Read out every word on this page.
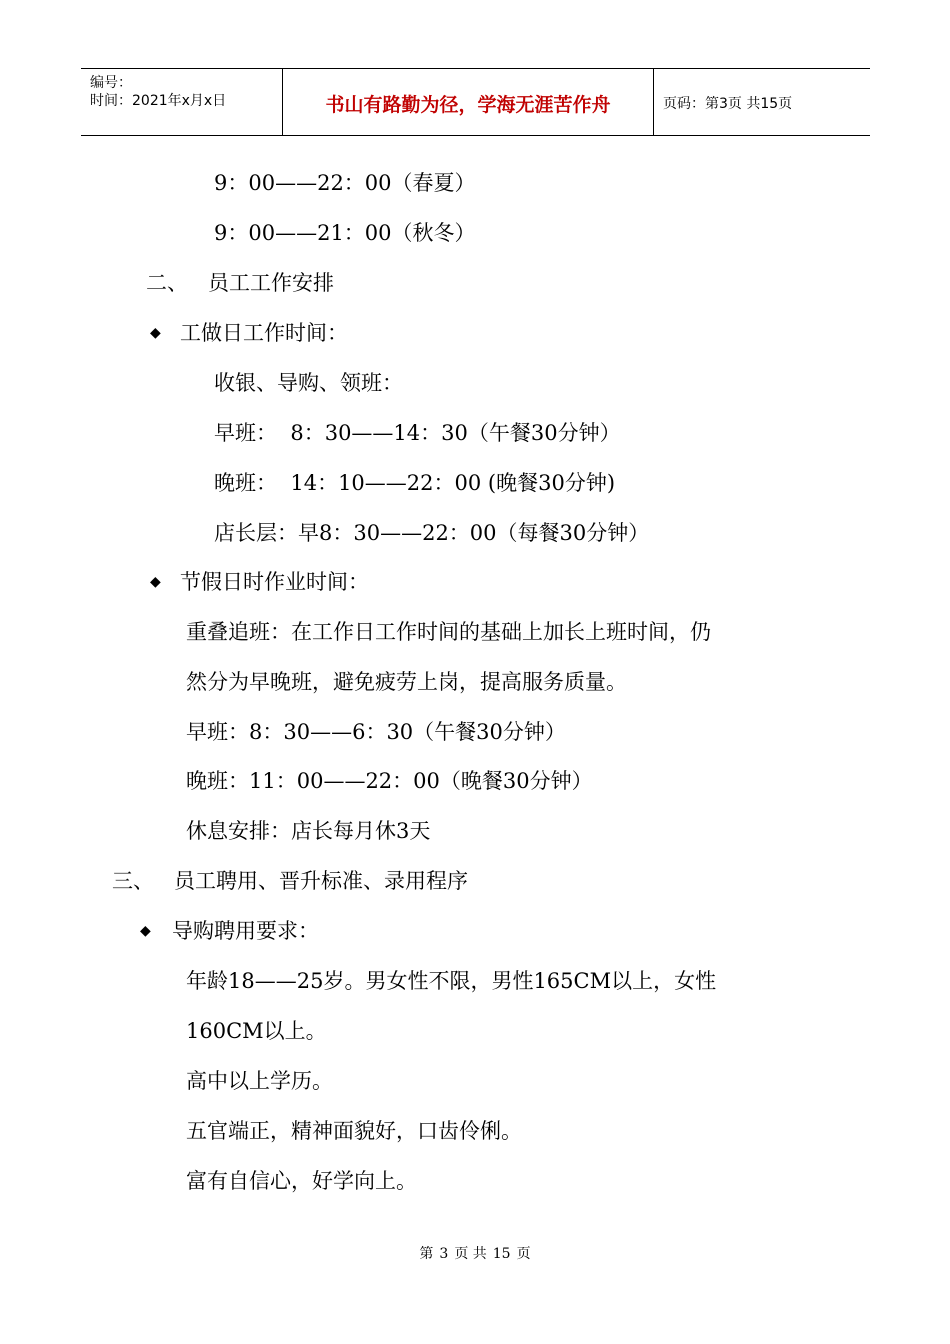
编号：
时间：2021年x月x日	书山有路勤为径，学海无涯苦作舟	页码：第3页 共15页
9：00——22：00（春夏）
9：00——21：00（秋冬）
二、   员工工作安排
◆ 工做日工作时间：
收银、导购、领班：
早班：  8：30——14：30（午餐30分钟）
晚班：  14：10——22：00 (晚餐30分钟)
店长层：早8：30——22：00（每餐30分钟）
◆ 节假日时作业时间：
重叠追班：在工作日工作时间的基础上加长上班时间，仍
然分为早晚班，避免疲劳上岗，提高服务质量。
早班：8：30——6：30（午餐30分钟）
晚班：11：00——22：00（晚餐30分钟）
休息安排：店长每月休3天
三、   员工聘用、晋升标准、录用程序
◆ 导购聘用要求：
年龄18——25岁。男女性不限，男性165CM以上，女性
160CM以上。
高中以上学历。
五官端正，精神面貌好，口齿伶俐。
富有自信心，好学向上。
第 3 页 共 15 页
